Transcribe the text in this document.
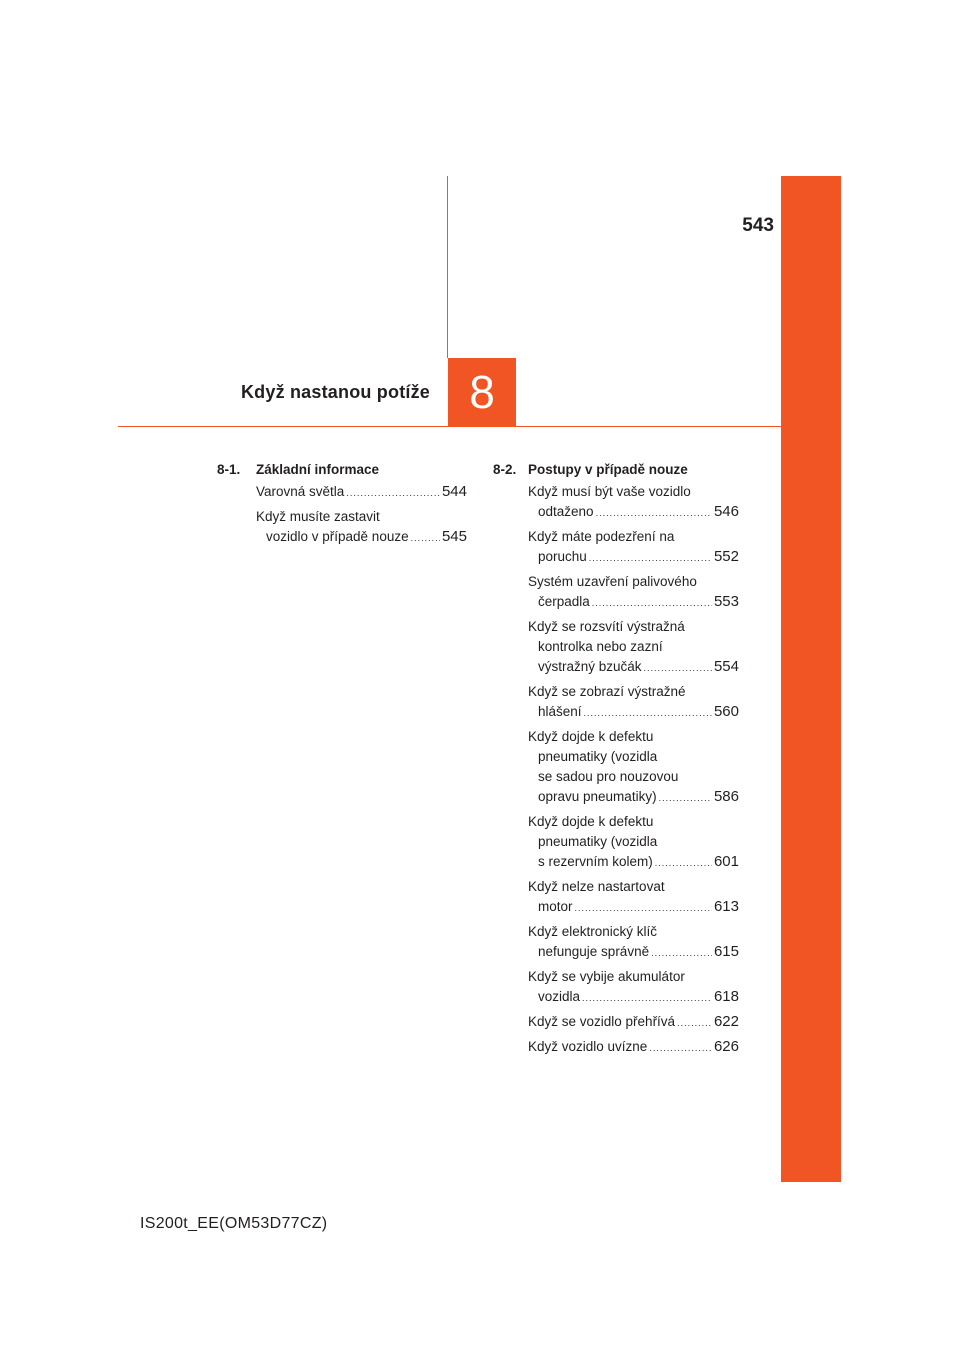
543
Když nastanou potíže 8
8-1.	Základní informace
Varovná světla .....	544
Když musíte zastavit
vozidlo v případě nouze ..... 545
8-2. Postupy v případě nouze
Když musí být vaše vozidlo
odtaženo .....	546
Když máte podezření na
poruchu .....	552
Systém uzavření palivového
čerpadla .....	553
Když se rozsvítí výstražná
kontrolka nebo zazní
výstražný bzučák .....	554
Když se zobrazí výstražné
hlášení .....	560
Když dojde k defektu
pneumatiky (vozidla
se sadou pro nouzovou
opravu pneumatiky) .....	586
Když dojde k defektu
pneumatiky (vozidla
s rezervním kolem) .....	601
Když nelze nastartovat
motor .....	613
Když elektronický klíč
nefunguje správně .....	615
Když se vybije akumulátor
vozidla .....	618
Když se vozidlo přehřívá .....	622
Když vozidlo uvízne .....	626
IS200t_EE(OM53D77CZ)
